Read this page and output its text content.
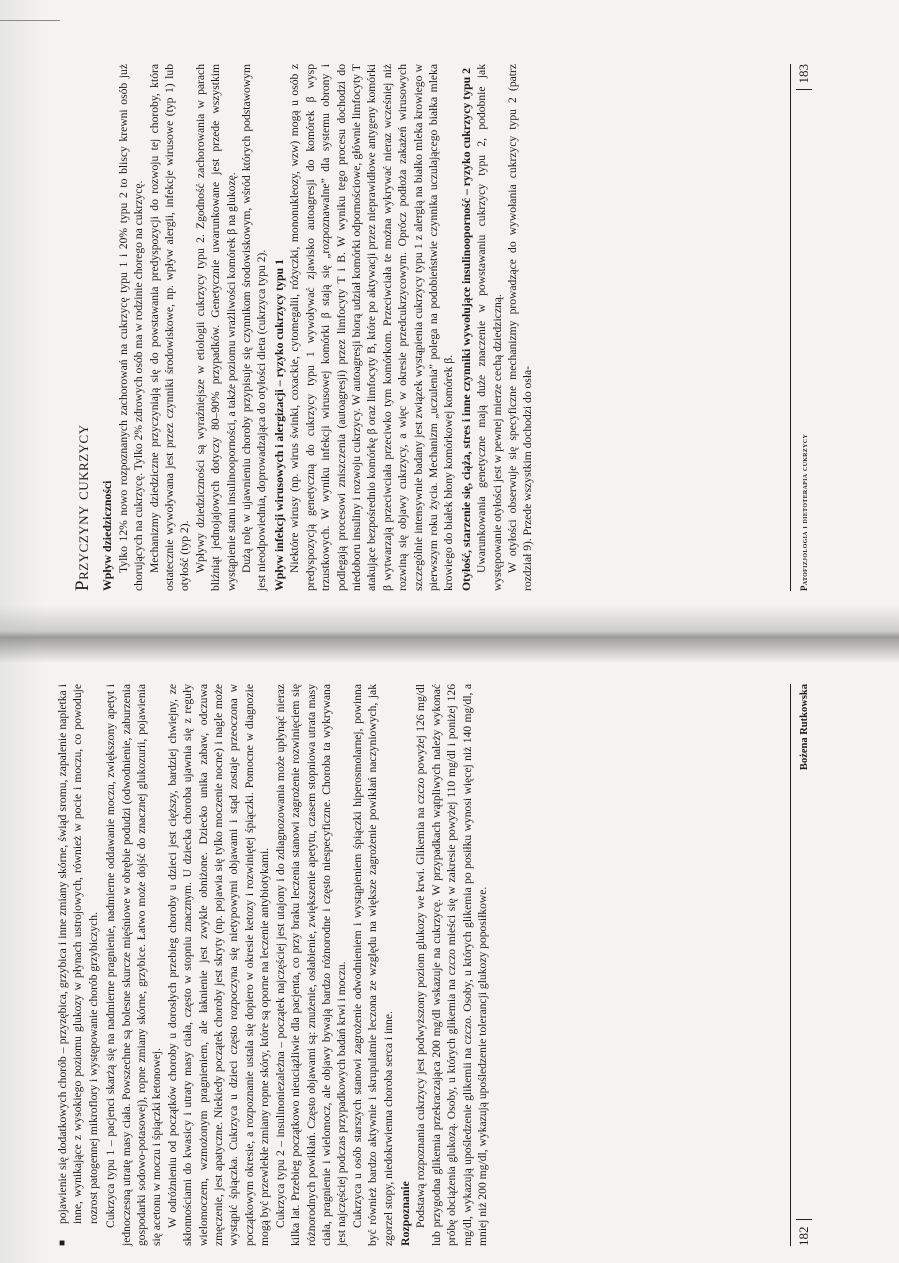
Przyczyny cukrzycy Wpływ dziedziczności Tylko 12% nowo rozpoznanych zachorowań na cukrzycę typu 1 i 20% typu 2 to bliscy krewni osób już chorujących na cukrzycę. Tylko 2% zdrowych osób ma w rodzinie chorego na cukrzycę. Mechanizmy dziedziczne przyczyniają się do powstawania predyspozycji do rozwoju tej choroby, która ostatecznie wywoływana jest przez czynniki środowiskowe, np. wpływ alergii, infekcje wirusowe (typ 1) lub otyłość (typ 2). Wpływy dziedziczności są wyraźniejsze w etiologii cukrzycy typu 2. Zgodność zachorowania w parach bliźniąt jednojajowych dotyczy 80–90% przypadków. Genetycznie uwarunkowane jest przede wszystkim wystąpienie stanu insulinooporności, a także poziomu wrażliwości komórek β na glukozę. Dużą rolę w ujawnieniu choroby przypisuje się czynnikom środowiskowym, wśród których podstawowym jest nieodpowiednia, doprowadzająca do otyłości dieta (cukrzyca typu 2). Wpływ infekcji wirusowych i alergizacji – ryzyko cukrzycy typu 1 Niektóre wirusy (np. wirus świnki, coxackie, cytomegalii, różyczki, mononukleozy, wzw) mogą u osób z predyspozycją genetyczną do cukrzycy typu 1 wywoływać zjawisko autoagresji do komórek β wysp trzustkowych. W wyniku infekcji wirusowej komórki β stają się „rozpoznawalne” dla systemu obrony i podlegają procesowi zniszczenia (autoagresji) przez limfocyty T i B. W wyniku tego procesu dochodzi do niedoboru insuliny i rozwoju cukrzycy. W autoagresji biorą udział komórki odpornościowe, głównie limfocyty T atakujące bezpośrednio komórkę β oraz limfocyty B, które po aktywacji przez nieprawidłowe antygeny komórki β wytwarzają przeciwciała przeciwko tym komórkom. Przeciwciała te można wykrywać nieraz wcześniej niż rozwiną się objawy cukrzycy, a więc w okresie przedcukrzycowym. Oprócz podłoża zakażeń wirusowych szczególnie intensywnie badany jest związek wystąpienia cukrzycy typu 1 z alergią na białko mleka krowiego w pierwszym roku życia. Mechanizm „uczulenia” polega na podobieństwie czynnika uczulającego białka mleka krowiego do białek błony komórkowej komórek β. Otyłość, starzenie się, ciąża, stres i inne czynniki wywołujące insulinooporność – ryzyko cukrzycy typu 2 Uwarunkowania genetyczne mają duże znaczenie w powstawaniu cukrzycy typu 2, podobnie jak występowanie otyłości jest w pewnej mierze cechą dziedziczną. W otyłości obserwuje się specyficzne mechanizmy prowadzące do wywołania cukrzycy typu 2 (patrz rozdział 9). Przede wszystkim dochodzi do osła-	Patofizjologia i dietoterapia cukrzycy
183
■
pojawienie się dodatkowych chorób – przyzębica, grzybica i inne zmiany skórne, świąd sromu, zapalenie napletka i inne, wynikające z wysokiego poziomu glukozy w płynach ustrojowych, również w pocie i moczu, co powoduje rozrost patogennej mikroflory i występowanie chorób grzybiczych. Cukrzyca typu 1 – pacjenci skarżą się na nadmierne pragnienie, nadmierne oddawanie moczu, zwiększony apetyt i jednoczesną utratę masy ciała. Powszechne są bolesne skurcze mięśniowe w obrębie podudzi (odwodnienie, zaburzenia gospodarki sodowo-potasowej), ropne zmiany skórne, grzybice. Łatwo może dojść do znacznej glukozurii, pojawienia się acetonu w moczu i śpiączki ketonowej. W odróżnieniu od początków choroby u dorosłych przebieg choroby u dzieci jest cięższy, bardziej chwiejny, ze skłonnościami do kwasicy i utraty masy ciała, często w stopniu znacznym. U dziecka choroba ujawnia się z reguły wielomoczem, wzmożonym pragnieniem, ale łaknienie jest zwykle obniżone. Dziecko unika zabaw, odczuwa zmęczenie, jest apatyczne. Niekiedy początek choroby jest skryty (np. pojawia się tylko moczenie nocne) i nagle może wystąpić śpiączka. Cukrzyca u dzieci często rozpoczyna się nietypowymi objawami i stąd zostaje przeoczona w początkowym okresie, a rozpoznanie ustala się dopiero w okresie ketozy i rozwiniętej śpiączki. Pomocne w diagnozie mogą być przewlekłe zmiany ropne skóry, które są oporne na leczenie antybiotykami. Cukrzyca typu 2 – insulinoniezależna – początek najczęściej jest utajony i do zdiagnozowania może upłynąć nieraz kilka lat. Przebieg początkowo nieuciążliwie dla pacjenta, co przy braku leczenia stanowi zagrożenie rozwinięciem się różnorodnych powikłań. Często objawami są: znużenie, osłabienie, zwiększenie apetytu, czasem stopniowa utrata masy ciała, pragnienie i wielomocz, ale objawy bywają bardzo różnorodne i często niespecyficzne. Choroba ta wykrywana jest najczęściej podczas przypadkowych badań krwi i moczu. Cukrzyca u osób starszych stanowi zagrożenie odwodnieniem i wystąpieniem śpiączki hiperosmolarnej, powinna być również bardzo aktywnie i skrupulatnie leczona ze względu na większe zagrożenie powikłań naczyniowych, jak zgorzel stopy, niedokrwienna choroba serca i inne. Rozpoznanie Podstawą rozpoznania cukrzycy jest podwyższony poziom glukozy we krwi. Glikemia na czczo powyżej 126 mg/dl lub przygodna glikemia przekraczająca 200 mg/dl wskazuje na cukrzycę. W przypadkach wątpliwych należy wykonać próbę obciążenia glukozą. Osoby, u których glikemia na czczo mieści się w zakresie powyżej 110 mg/dl i poniżej 126 mg/dl, wykazują upośledzenie glikemii na czczo. Osoby, u których glikemia po posiłku wynosi więcej niż 140 mg/dl, a mniej niż 200 mg/dl, wykazują upośledzenie tolerancji glukozy poposiłkowe.	182
Bożena Rutkowska
